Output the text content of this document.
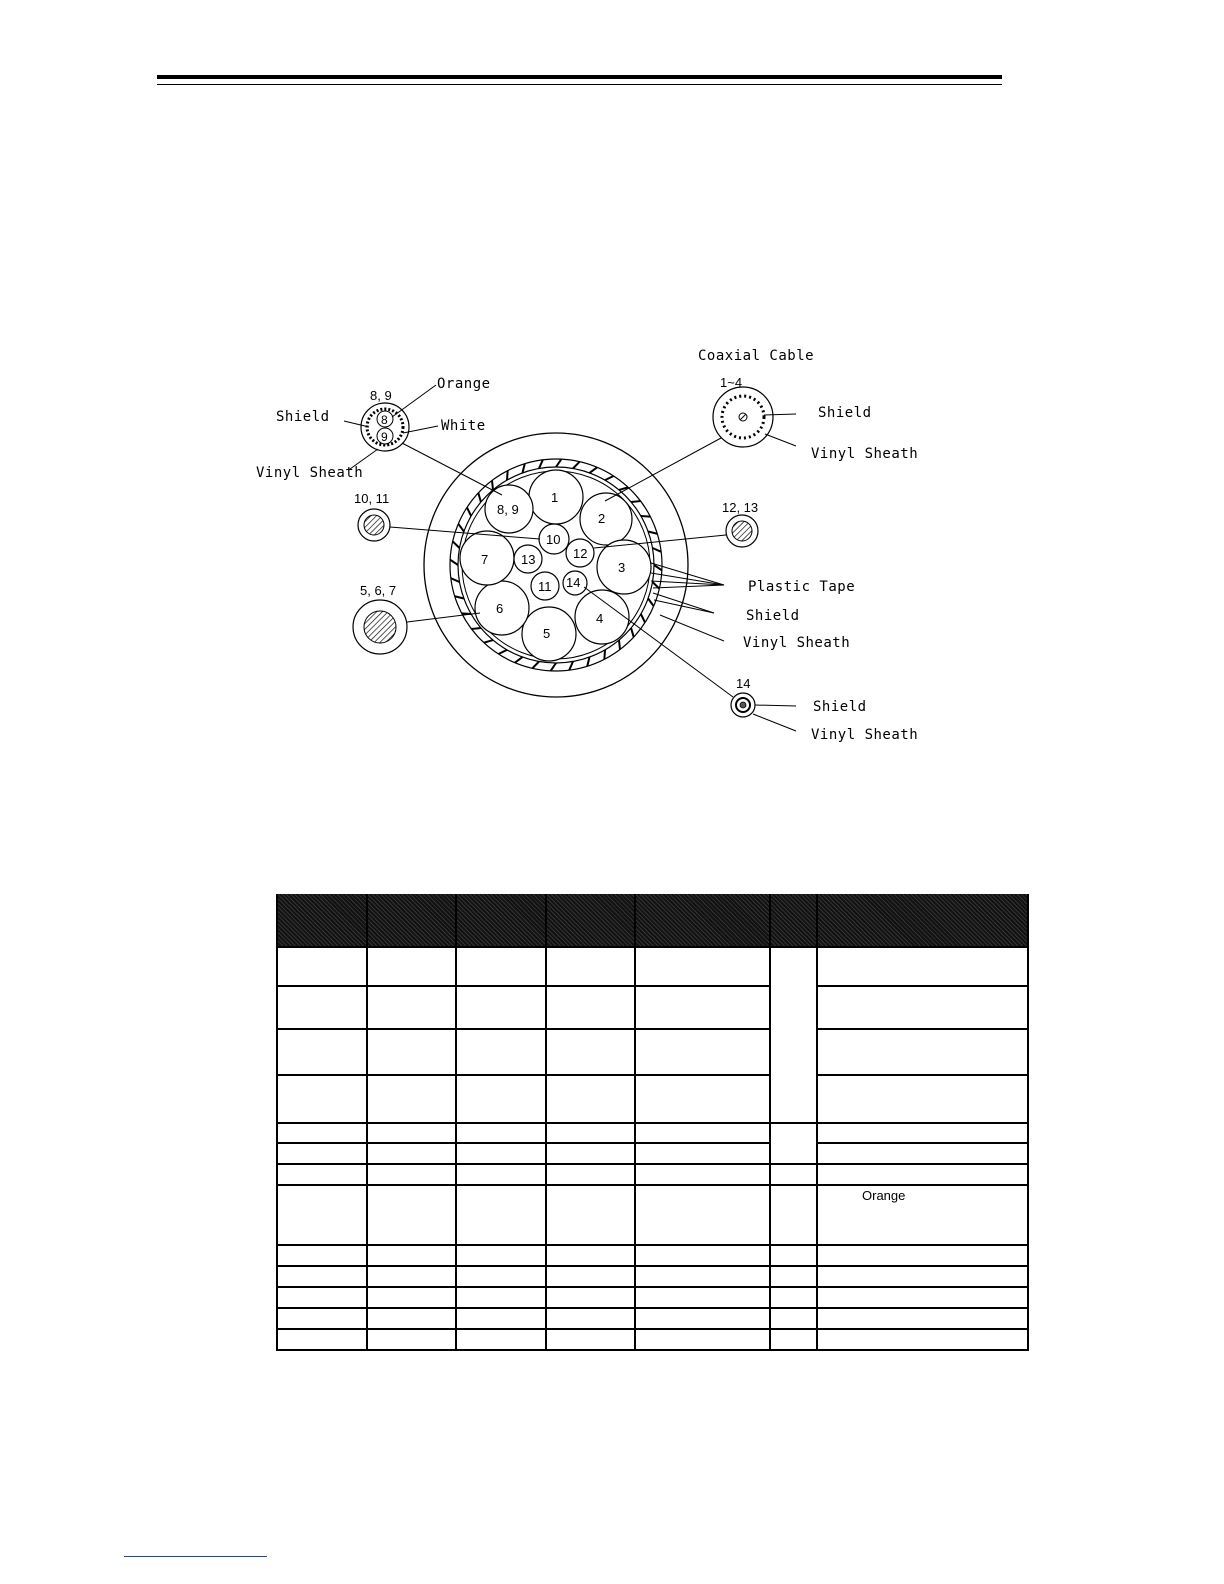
1
2
3
4
5
6
7
8, 9
10
11
12
13
14
8
9
8, 9
Orange
White
Shield
Vinyl Sheath
Coaxial Cable
1~4
Shield
Vinyl Sheath
10, 11
12, 13
5, 6, 7
14
Shield
Vinyl Sheath
Plastic Tape
Shield
Vinyl Sheath

						Orange
